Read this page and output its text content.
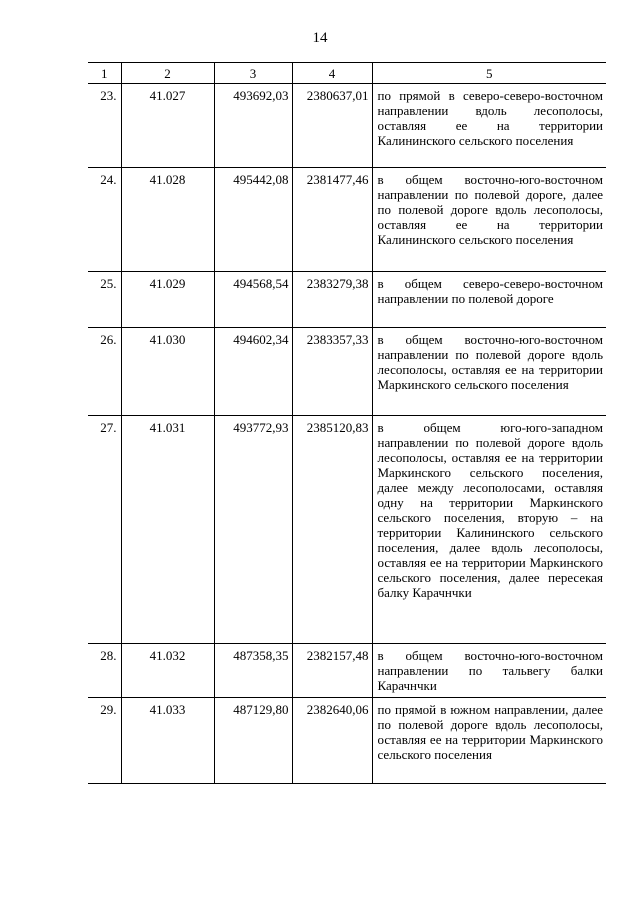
14
1	2	3	4	5
23.	41.027	493692,03	2380637,01	по прямой в северо-северо-восточном направлении вдоль лесополосы, оставляя ее на территории Калининского сельского поселения
24.	41.028	495442,08	2381477,46	в общем восточно-юго-восточном направлении по полевой дороге, далее по полевой дороге вдоль лесополосы, оставляя ее на территории Калининского сельского поселения
25.	41.029	494568,54	2383279,38	в общем северо-северо-восточном направлении по полевой дороге
26.	41.030	494602,34	2383357,33	в общем восточно-юго-восточном направлении по полевой дороге вдоль лесополосы, оставляя ее на территории Маркинского сельского поселения
27.	41.031	493772,93	2385120,83	в общем юго-юго-западном направлении по полевой дороге вдоль лесополосы, оставляя ее на территории Маркинского сельского поселения, далее между лесополосами, оставляя одну на территории Маркинского сельского поселения, вторую – на территории Калининского сельского поселения, далее вдоль лесополосы, оставляя ее на территории Маркинского сельского поселения, далее пересекая балку Карачнчки
28.	41.032	487358,35	2382157,48	в общем восточно-юго-восточном направлении по тальвегу балки Карачнчки
29.	41.033	487129,80	2382640,06	по прямой в южном направлении, далее по полевой дороге вдоль лесополосы, оставляя ее на территории Маркинского сельского поселения
